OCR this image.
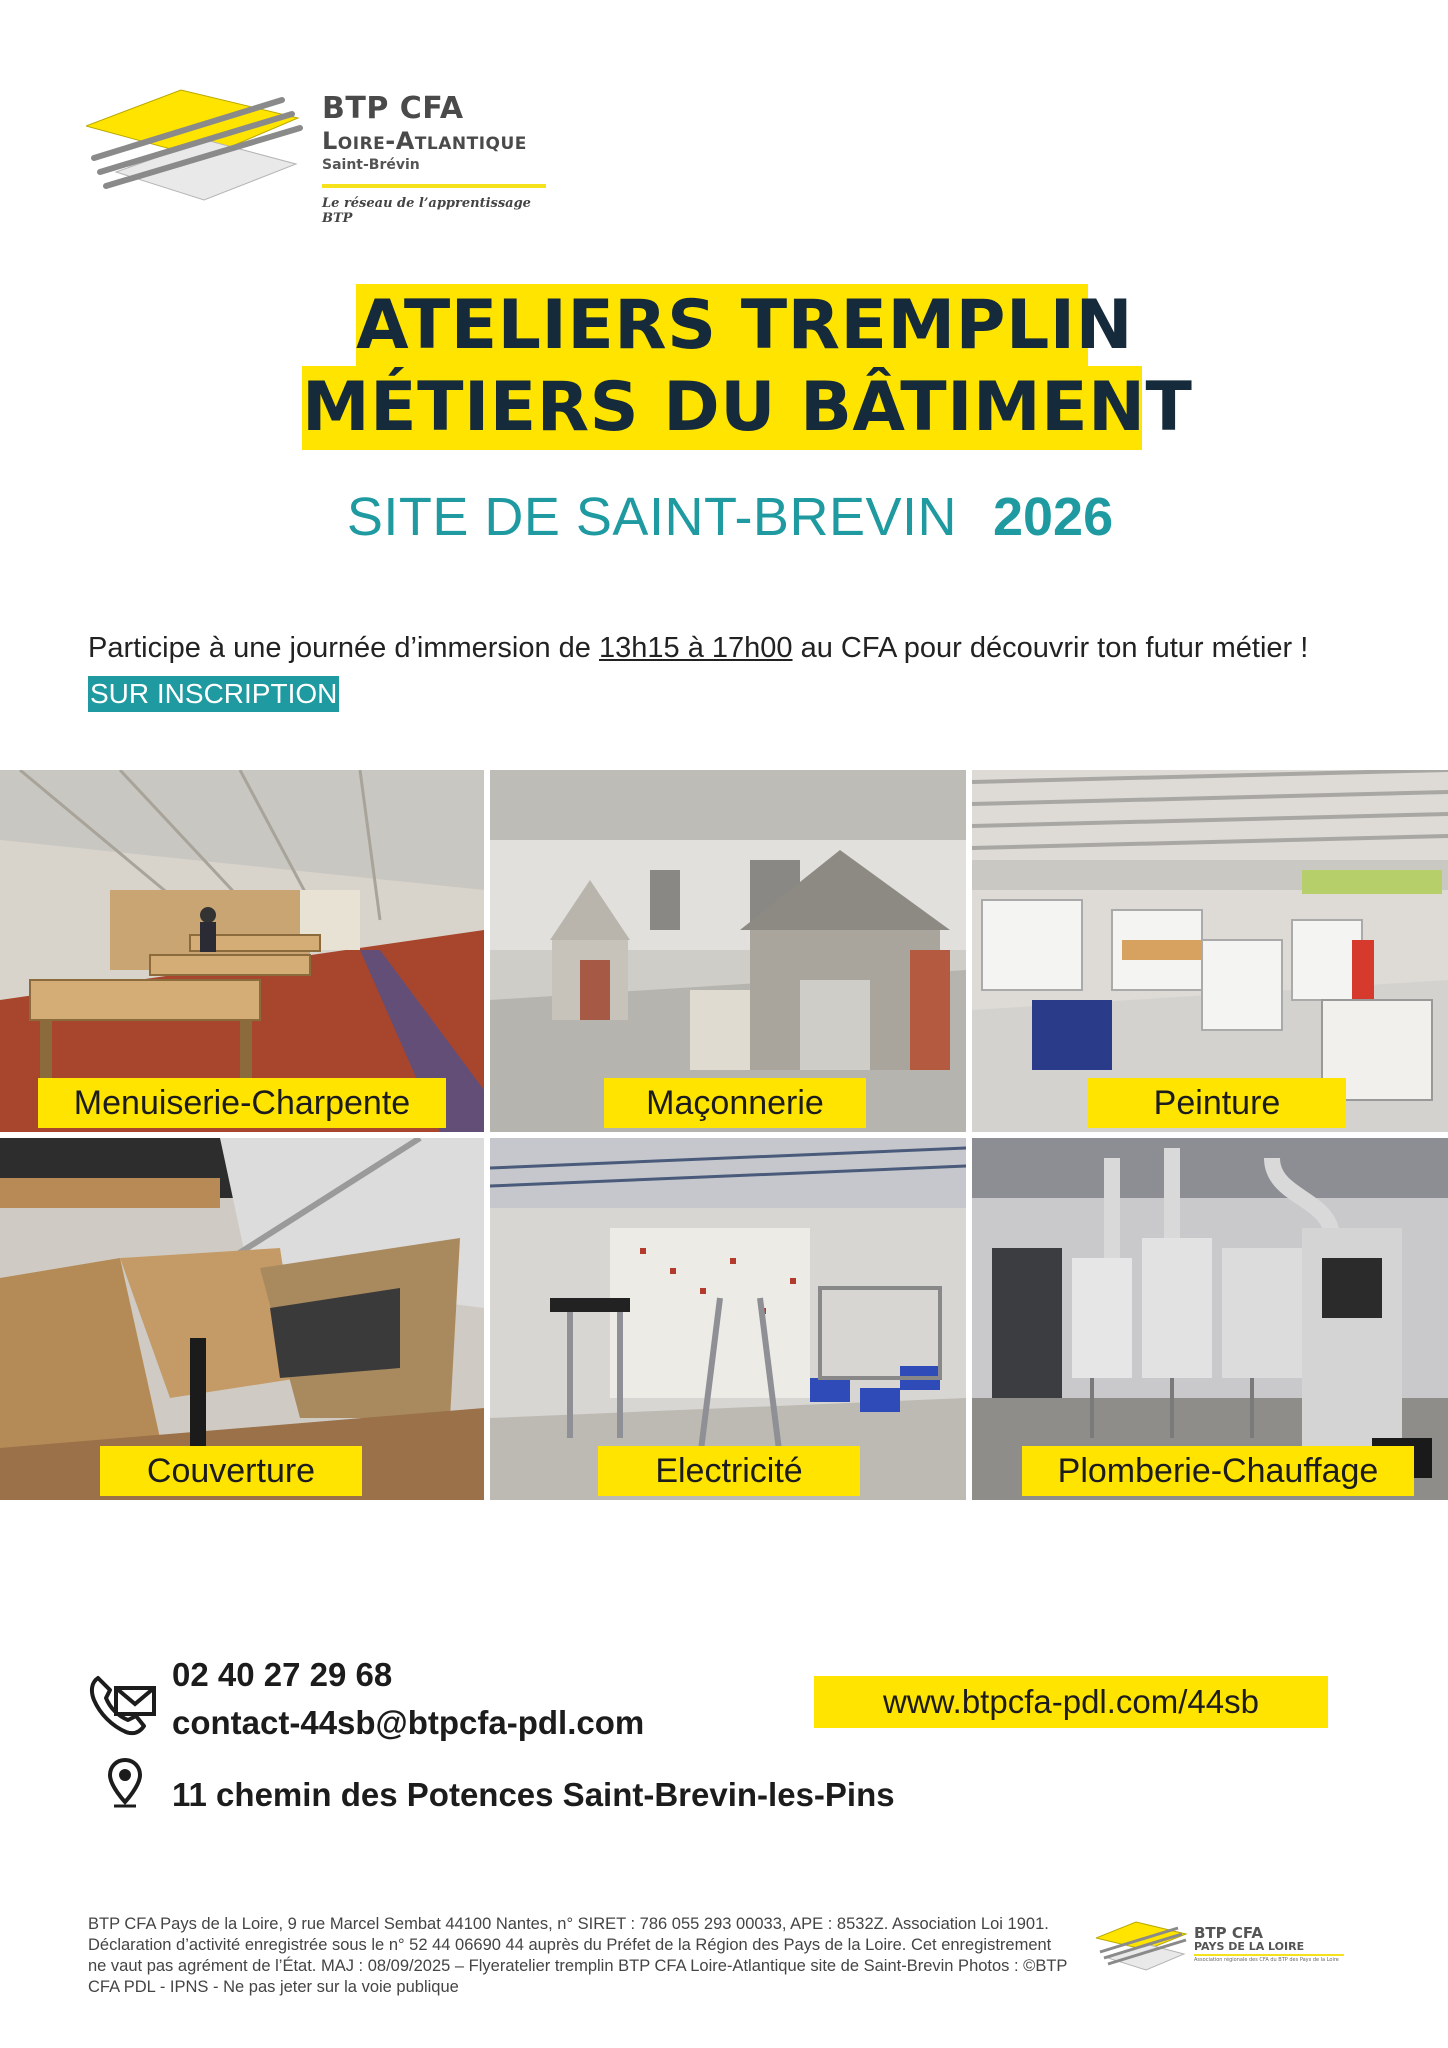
BTP CFA
Loire-Atlantique
Saint-Brévin
Le réseau de l’apprentissage BTP
ATELIERS TREMPLIN
MÉTIERS DU BÂTIMENT
SITE DE SAINT-BREVIN 2026
Participe à une journée d’immersion de 13h15 à 17h00 au CFA pour découvrir ton futur métier !
SUR INSCRIPTION
Menuiserie-Charpente	Maçonnerie	Peinture
Couverture	Electricité	Plomberie-Chauffage
02 40 27 29 68
contact-44sb@btpcfa-pdl.com
11 chemin des Potences Saint-Brevin-les-Pins
www.btpcfa-pdl.com/44sb
BTP CFA Pays de la Loire, 9 rue Marcel Sembat 44100 Nantes, n° SIRET : 786 055 293 00033, APE : 8532Z. Association Loi 1901. Déclaration d’activité enregistrée sous le n° 52 44 06690 44 auprès du Préfet de la Région des Pays de la Loire. Cet enregistrement ne vaut pas agrément de l’État. MAJ : 08/09/2025 – Flyeratelier tremplin BTP CFA Loire-Atlantique site de Saint-Brevin Photos : ©BTP CFA PDL - IPNS - Ne pas jeter sur la voie publique
BTP CFA
PAYS DE LA LOIRE
Association régionale des CFA du BTP des Pays de la Loire
